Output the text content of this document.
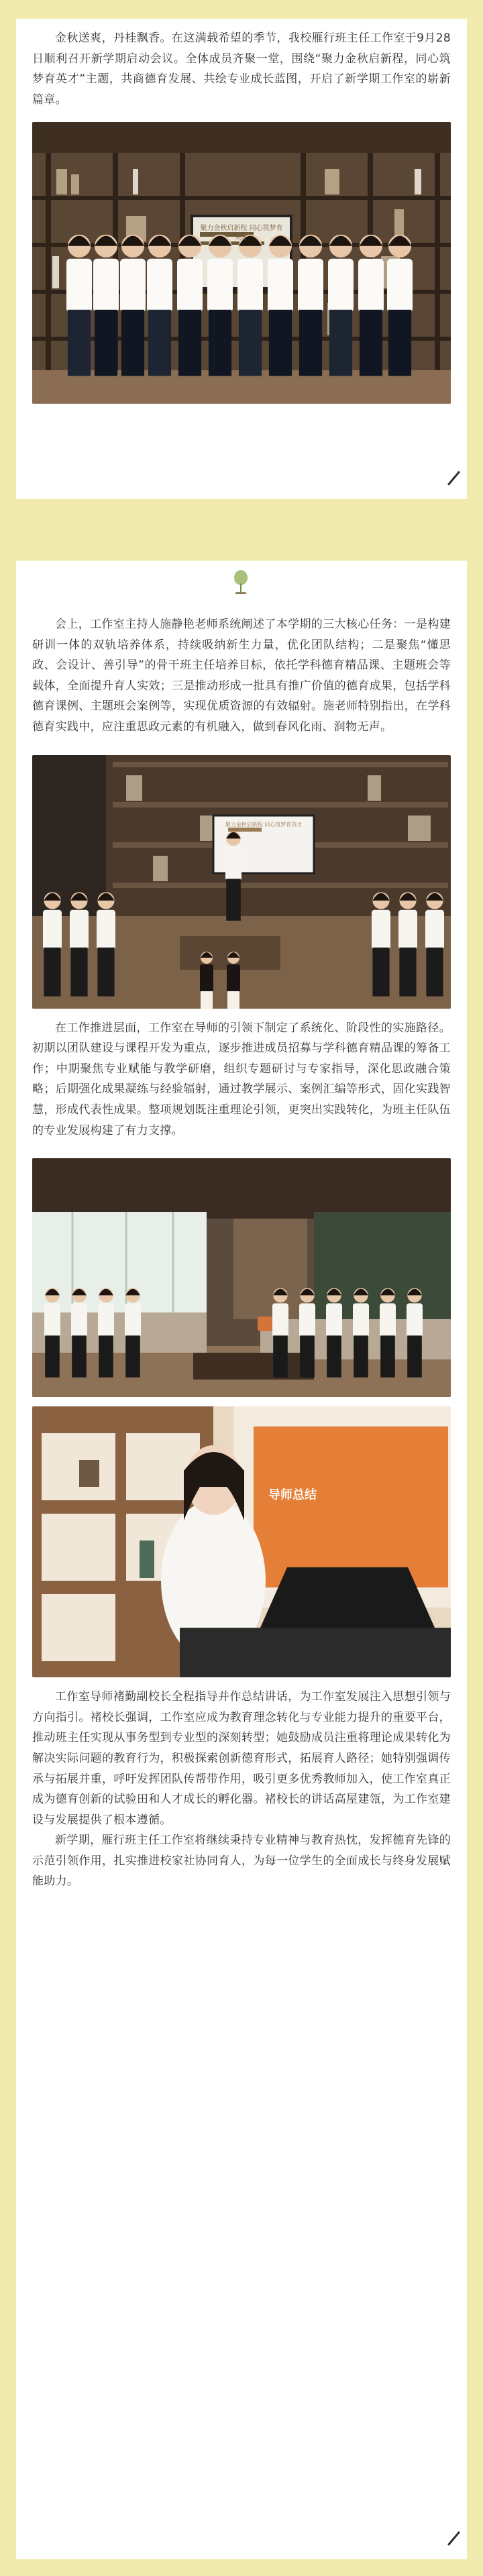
金秋送爽，丹桂飘香。在这满载希望的季节，我校雁行班主任工作室于9月28日顺利召开新学期启动会议。全体成员齐聚一堂，围绕“聚力金秋启新程，同心筑梦育英才”主题，共商德育发展、共绘专业成长蓝图，开启了新学期工作室的崭新篇章。

聚力金秋启新程 同心筑梦育英才

会上，工作室主持人施静艳老师系统阐述了本学期的三大核心任务：一是构建研训一体的双轨培养体系，持续吸纳新生力量，优化团队结构；二是聚焦“懂思政、会设计、善引导”的骨干班主任培养目标，依托学科德育精品课、主题班会等载体，全面提升育人实效；三是推动形成一批具有推广价值的德育成果，包括学科德育课例、主题班会案例等，实现优质资源的有效辐射。施老师特别指出，在学科德育实践中，应注重思政元素的有机融入，做到春风化雨、润物无声。

聚力金秋启新程 同心筑梦育英才

在工作推进层面，工作室在导师的引领下制定了系统化、阶段性的实施路径。初期以团队建设与课程开发为重点，逐步推进成员招募与学科德育精品课的筹备工作；中期聚焦专业赋能与教学研磨，组织专题研讨与专家指导，深化思政融合策略；后期强化成果凝练与经验辐射，通过教学展示、案例汇编等形式，固化实践智慧，形成代表性成果。整项规划既注重理论引领，更突出实践转化，为班主任队伍的专业发展构建了有力支撑。

导师总结

工作室导师褚勤副校长全程指导并作总结讲话，为工作室发展注入思想引领与方向指引。褚校长强调，工作室应成为教育理念转化与专业能力提升的重要平台，推动班主任实现从事务型到专业型的深刻转型；她鼓励成员注重将理论成果转化为解决实际问题的教育行为，积极探索创新德育形式，拓展育人路径；她特别强调传承与拓展并重，呼吁发挥团队传帮带作用，吸引更多优秀教师加入，使工作室真正成为德育创新的试验田和人才成长的孵化器。褚校长的讲话高屋建瓴，为工作室建设与发展提供了根本遵循。

新学期，雁行班主任工作室将继续秉持专业精神与教育热忱，发挥德育先锋的示范引领作用，扎实推进校家社协同育人，为每一位学生的全面成长与终身发展赋能助力。
